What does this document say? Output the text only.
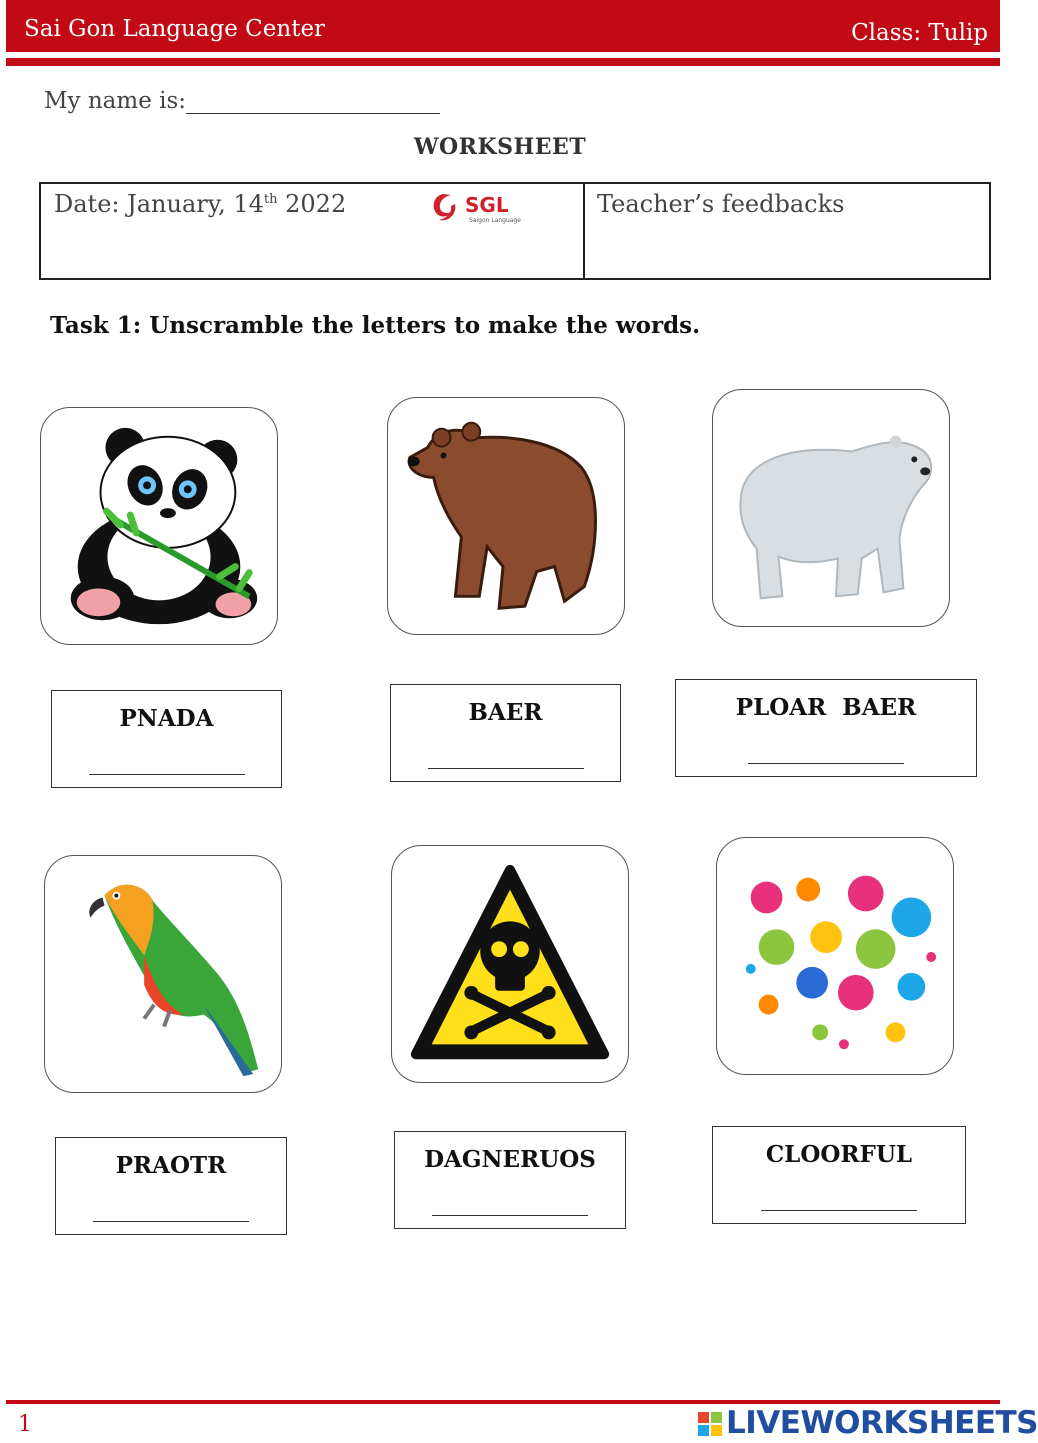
Sai Gon Language Center	Class: Tulip
My name is:
WORKSHEET
Date: January, 14th 2022	SGL
Saigon Language
Teacher’s feedbacks
Task 1: Unscramble the letters to make the words.
PNADA	BAER	PLOAR  BAER
PRAOTR	DAGNERUOS	CLOORFUL
1	LIVEWORKSHEETS
